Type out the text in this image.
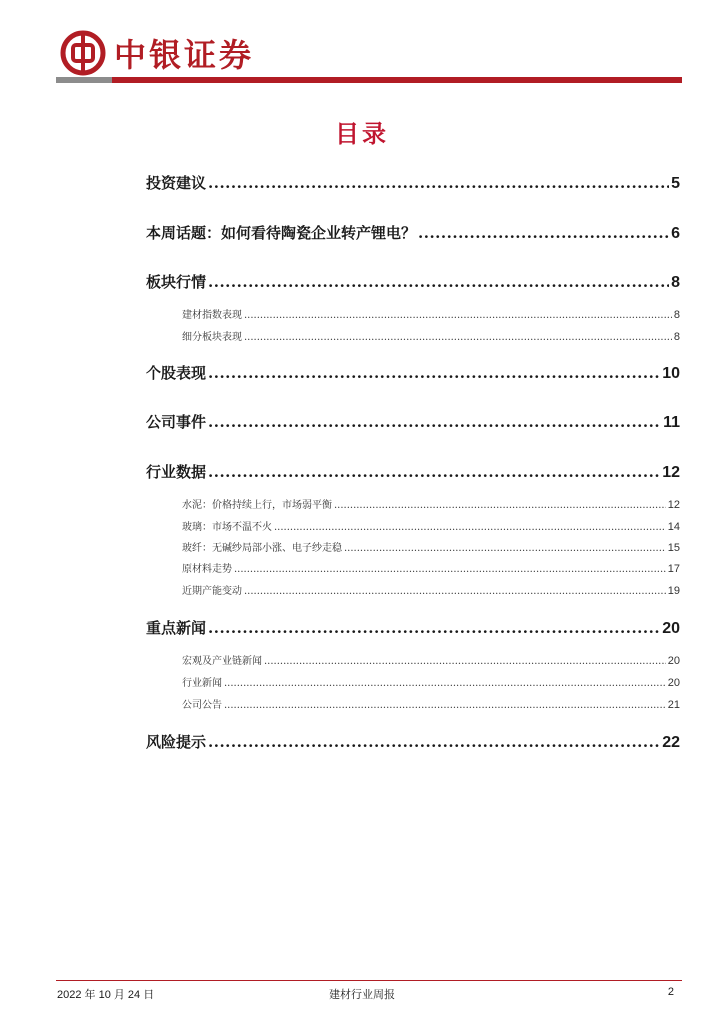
中银证券
目录
投资建议 .....	5
本周话题：如何看待陶瓷企业转产锂电？ .....	6
板块行情 .....	8
建材指数表现 .....	8
细分板块表现 .....	8
个股表现 .....	10
公司事件 .....	11
行业数据 .....	12
水泥：价格持续上行，市场弱平衡 .....	12
玻璃：市场不温不火 .....	14
玻纤：无碱纱局部小涨、电子纱走稳 .....	15
原材料走势 .....	17
近期产能变动 .....	19
重点新闻 .....	20
宏观及产业链新闻 .....	20
行业新闻 .....	20
公司公告 .....	21
风险提示 .....	22
2022 年 10 月 24 日	建材行业周报	2
